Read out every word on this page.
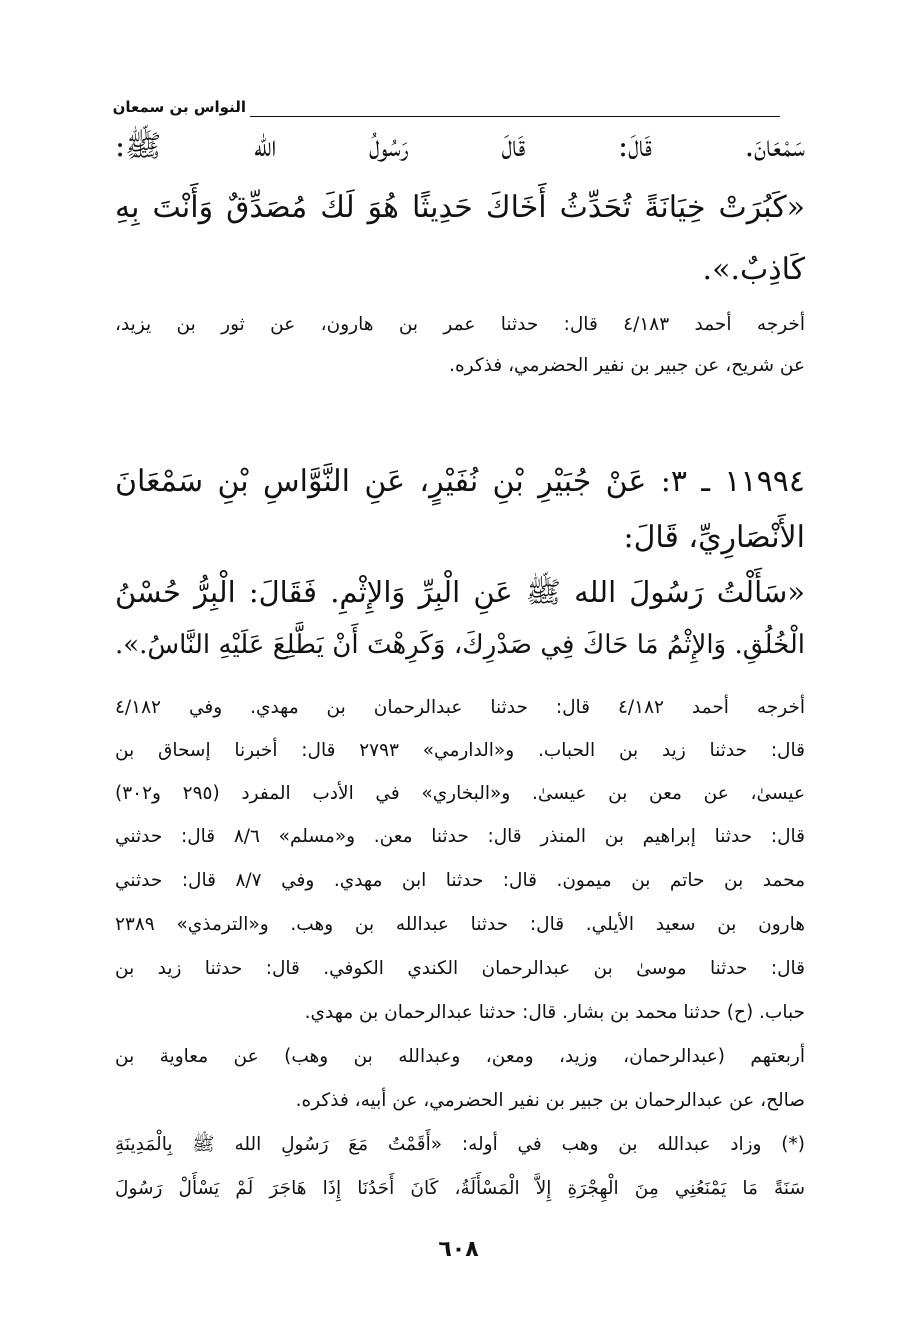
النواس بن سمعان
سَمْعَانَ. قَالَ: قَالَ رَسُولُ الله ﷺ:
«كَبُرَتْ خِيَانَةً تُحَدِّثُ أَخَاكَ حَدِيثًا هُوَ لَكَ مُصَدِّقٌ وَأَنْتَ بِهِ
كَاذِبٌ.».
أخرجه أحمد ٤/١٨٣ قال: حدثنا عمر بن هارون، عن ثور بن يزيد،
عن شريح، عن جبير بن نفير الحضرمي، فذكره.
١١٩٩٤ ـ ٣: عَنْ جُبَيْرِ بْنِ نُفَيْرٍ، عَنِ النَّوَّاسِ بْنِ سَمْعَانَ
الأَنْصَارِيِّ، قَالَ:
«سَأَلْتُ رَسُولَ الله ﷺ عَنِ الْبِرِّ وَالإِثْمِ. فَقَالَ: الْبِرُّ حُسْنُ
الْخُلُقِ. وَالإِثْمُ مَا حَاكَ فِي صَدْرِكَ، وَكَرِهْتَ أَنْ يَطَّلِعَ عَلَيْهِ النَّاسُ.».
أخرجه أحمد ٤/١٨٢ قال: حدثنا عبدالرحمان بن مهدي. وفي ٤/١٨٢
قال: حدثنا زيد بن الحباب. و«الدارمي» ٢٧٩٣ قال: أخبرنا إسحاق بن
عيسىٰ، عن معن بن عيسىٰ. و«البخاري» في الأدب المفرد (٢٩٥ و٣٠٢)
قال: حدثنا إبراهيم بن المنذر قال: حدثنا معن. و«مسلم» ٨/٦ قال: حدثني
محمد بن حاتم بن ميمون. قال: حدثنا ابن مهدي. وفي ٨/٧ قال: حدثني
هارون بن سعيد الأيلي. قال: حدثنا عبدالله بن وهب. و«الترمذي» ٢٣٨٩
قال: حدثنا موسىٰ بن عبدالرحمان الكندي الكوفي. قال: حدثنا زيد بن
حباب. (ح) حدثنا محمد بن بشار. قال: حدثنا عبدالرحمان بن مهدي.
أربعتهم (عبدالرحمان، وزيد، ومعن، وعبدالله بن وهب) عن معاوية بن
صالح، عن عبدالرحمان بن جبير بن نفير الحضرمي، عن أبيه، فذكره.
(*) وزاد عبدالله بن وهب في أوله: «أَقَمْتُ مَعَ رَسُولِ الله ﷺ بِالْمَدِينَةِ
سَنَةً مَا يَمْنَعُنِي مِنَ الْهِجْرَةِ إِلاَّ الْمَسْأَلَةُ، كَانَ أَحَدُنَا إِذَا هَاجَرَ لَمْ يَسْأَلْ رَسُولَ
٦٠٨
